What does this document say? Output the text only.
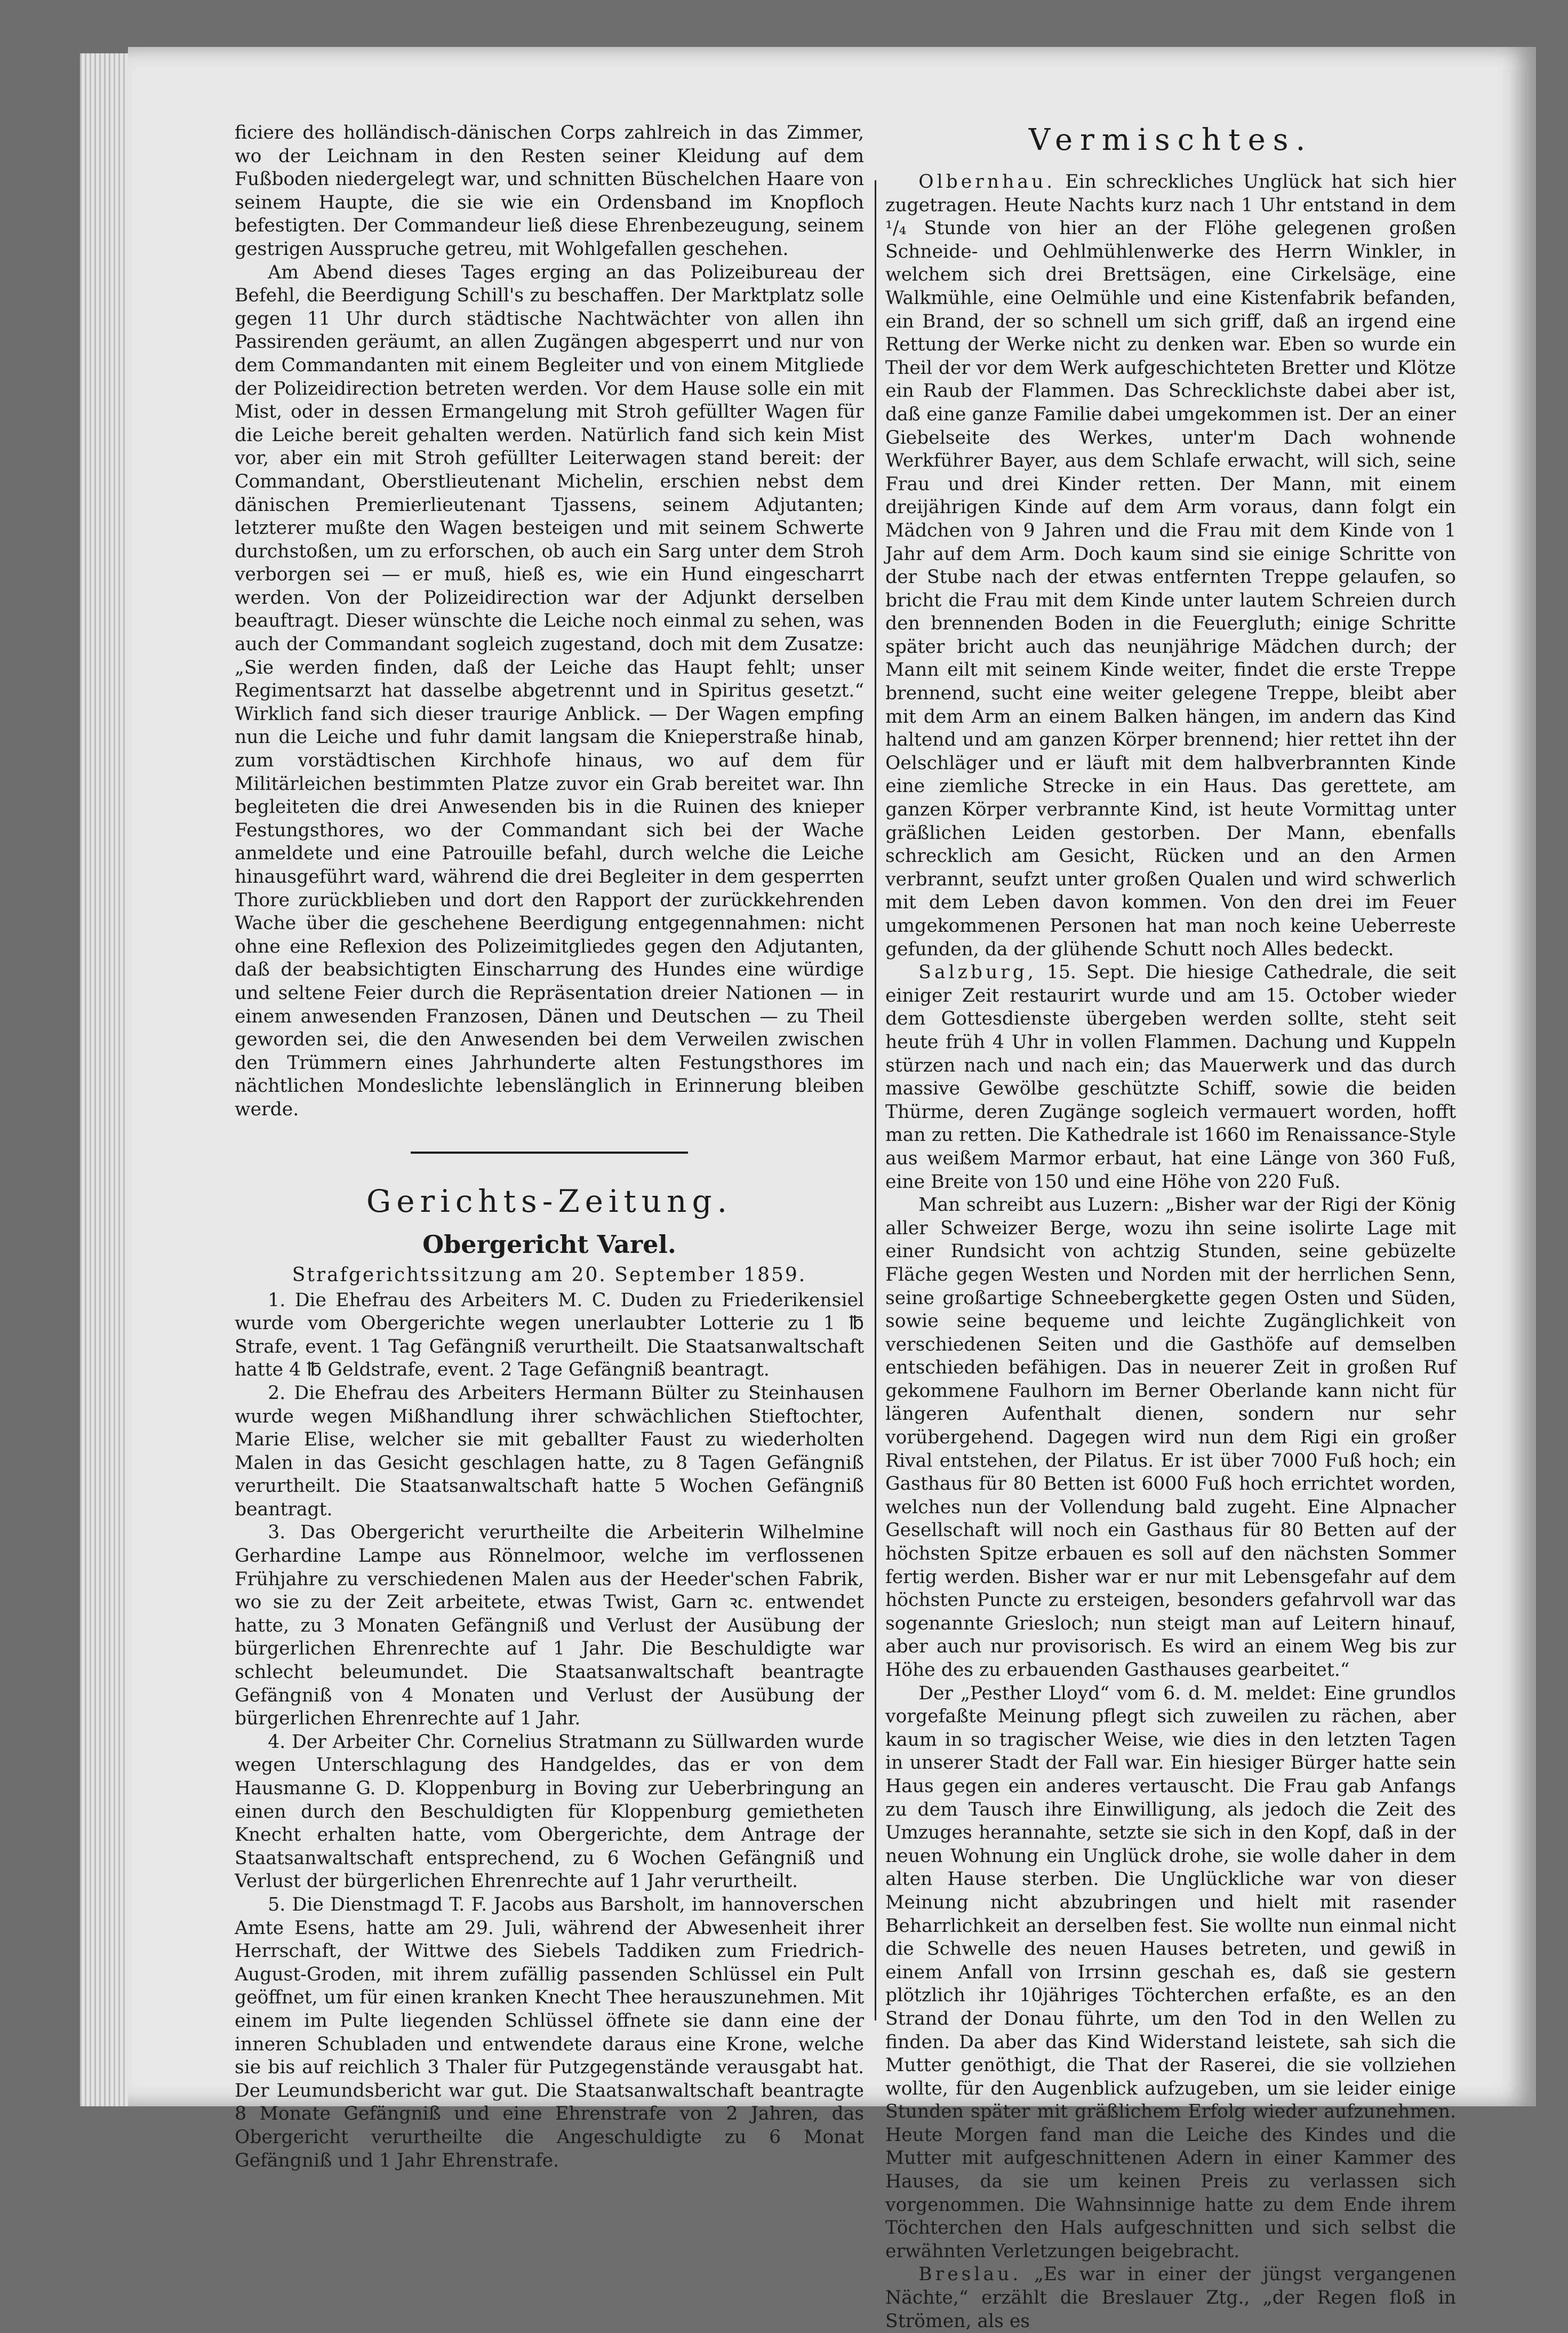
ficiere des holländisch-dänischen Corps zahlreich in das Zimmer, wo der Leichnam in den Resten seiner Kleidung auf dem Fußboden niedergelegt war, und schnitten Büschelchen Haare von seinem Haupte, die sie wie ein Ordensband im Knopfloch befestigten. Der Commandeur ließ diese Ehrenbezeugung, seinem gestrigen Ausspruche getreu, mit Wohlgefallen geschehen.

Am Abend dieses Tages erging an das Polizeibureau der Befehl, die Beerdigung Schill's zu beschaffen. Der Marktplatz solle gegen 11 Uhr durch städtische Nachtwächter von allen ihn Passirenden geräumt, an allen Zugängen abgesperrt und nur von dem Commandanten mit einem Begleiter und von einem Mitgliede der Polizeidirection betreten werden. Vor dem Hause solle ein mit Mist, oder in dessen Ermangelung mit Stroh gefüllter Wagen für die Leiche bereit gehalten werden. Natürlich fand sich kein Mist vor, aber ein mit Stroh gefüllter Leiterwagen stand bereit: der Commandant, Oberstlieutenant Michelin, erschien nebst dem dänischen Premierlieutenant Tjassens, seinem Adjutanten; letzterer mußte den Wagen besteigen und mit seinem Schwerte durchstoßen, um zu erforschen, ob auch ein Sarg unter dem Stroh verborgen sei — er muß, hieß es, wie ein Hund eingescharrt werden. Von der Polizeidirection war der Adjunkt derselben beauftragt. Dieser wünschte die Leiche noch einmal zu sehen, was auch der Commandant sogleich zugestand, doch mit dem Zusatze: „Sie werden finden, daß der Leiche das Haupt fehlt; unser Regimentsarzt hat dasselbe abgetrennt und in Spiritus gesetzt.“ Wirklich fand sich dieser traurige Anblick. — Der Wagen empfing nun die Leiche und fuhr damit langsam die Knieperstraße hinab, zum vorstädtischen Kirchhofe hinaus, wo auf dem für Militärleichen bestimmten Platze zuvor ein Grab bereitet war. Ihn begleiteten die drei Anwesenden bis in die Ruinen des knieper Festungsthores, wo der Commandant sich bei der Wache anmeldete und eine Patrouille befahl, durch welche die Leiche hinausgeführt ward, während die drei Begleiter in dem gesperrten Thore zurückblieben und dort den Rapport der zurückkehrenden Wache über die geschehene Beerdigung entgegennahmen: nicht ohne eine Reflexion des Polizeimitgliedes gegen den Adjutanten, daß der beabsichtigten Einscharrung des Hundes eine würdige und seltene Feier durch die Repräsentation dreier Nationen — in einem anwesenden Franzosen, Dänen und Deutschen — zu Theil geworden sei, die den Anwesenden bei dem Verweilen zwischen den Trümmern eines Jahrhunderte alten Festungsthores im nächtlichen Mondeslichte lebenslänglich in Erinnerung bleiben werde.

Gerichts-Zeitung.
Obergericht Varel.
Strafgerichtssitzung am 20. September 1859.

1. Die Ehefrau des Arbeiters M. C. Duden zu Friederikensiel wurde vom Obergerichte wegen unerlaubter Lotterie zu 1 ℔ Strafe, event. 1 Tag Gefängniß verurtheilt. Die Staatsanwaltschaft hatte 4 ℔ Geldstrafe, event. 2 Tage Gefängniß beantragt.

2. Die Ehefrau des Arbeiters Hermann Bülter zu Steinhausen wurde wegen Mißhandlung ihrer schwächlichen Stieftochter, Marie Elise, welcher sie mit geballter Faust zu wiederholten Malen in das Gesicht geschlagen hatte, zu 8 Tagen Gefängniß verurtheilt. Die Staatsanwaltschaft hatte 5 Wochen Gefängniß beantragt.

3. Das Obergericht verurtheilte die Arbeiterin Wilhelmine Gerhardine Lampe aus Rönnelmoor, welche im verflossenen Frühjahre zu verschiedenen Malen aus der Heeder'schen Fabrik, wo sie zu der Zeit arbeitete, etwas Twist, Garn ꝛc. entwendet hatte, zu 3 Monaten Gefängniß und Verlust der Ausübung der bürgerlichen Ehrenrechte auf 1 Jahr. Die Beschuldigte war schlecht beleumundet. Die Staatsanwaltschaft beantragte Gefängniß von 4 Monaten und Verlust der Ausübung der bürgerlichen Ehrenrechte auf 1 Jahr.

4. Der Arbeiter Chr. Cornelius Stratmann zu Süllwarden wurde wegen Unterschlagung des Handgeldes, das er von dem Hausmanne G. D. Kloppenburg in Boving zur Ueberbringung an einen durch den Beschuldigten für Kloppenburg gemietheten Knecht erhalten hatte, vom Obergerichte, dem Antrage der Staatsanwaltschaft entsprechend, zu 6 Wochen Gefängniß und Verlust der bürgerlichen Ehrenrechte auf 1 Jahr verurtheilt.

5. Die Dienstmagd T. F. Jacobs aus Barsholt, im hannoverschen Amte Esens, hatte am 29. Juli, während der Abwesenheit ihrer Herrschaft, der Wittwe des Siebels Taddiken zum Friedrich-August-Groden, mit ihrem zufällig passenden Schlüssel ein Pult geöffnet, um für einen kranken Knecht Thee herauszunehmen. Mit einem im Pulte liegenden Schlüssel öffnete sie dann eine der inneren Schubladen und entwendete daraus eine Krone, welche sie bis auf reichlich 3 Thaler für Putzgegenstände verausgabt hat. Der Leumundsbericht war gut. Die Staatsanwaltschaft beantragte 8 Monate Gefängniß und eine Ehrenstrafe von 2 Jahren, das Obergericht verurtheilte die Angeschuldigte zu 6 Monat Gefängniß und 1 Jahr Ehrenstrafe.

Vermischtes.

Olbernhau. Ein schreckliches Unglück hat sich hier zugetragen. Heute Nachts kurz nach 1 Uhr entstand in dem ¹/₄ Stunde von hier an der Flöhe gelegenen großen Schneide- und Oehlmühlenwerke des Herrn Winkler, in welchem sich drei Brettsägen, eine Cirkelsäge, eine Walkmühle, eine Oelmühle und eine Kistenfabrik befanden, ein Brand, der so schnell um sich griff, daß an irgend eine Rettung der Werke nicht zu denken war. Eben so wurde ein Theil der vor dem Werk aufgeschichteten Bretter und Klötze ein Raub der Flammen. Das Schrecklichste dabei aber ist, daß eine ganze Familie dabei umgekommen ist. Der an einer Giebelseite des Werkes, unter'm Dach wohnende Werkführer Bayer, aus dem Schlafe erwacht, will sich, seine Frau und drei Kinder retten. Der Mann, mit einem dreijährigen Kinde auf dem Arm voraus, dann folgt ein Mädchen von 9 Jahren und die Frau mit dem Kinde von 1 Jahr auf dem Arm. Doch kaum sind sie einige Schritte von der Stube nach der etwas entfernten Treppe gelaufen, so bricht die Frau mit dem Kinde unter lautem Schreien durch den brennenden Boden in die Feuergluth; einige Schritte später bricht auch das neunjährige Mädchen durch; der Mann eilt mit seinem Kinde weiter, findet die erste Treppe brennend, sucht eine weiter gelegene Treppe, bleibt aber mit dem Arm an einem Balken hängen, im andern das Kind haltend und am ganzen Körper brennend; hier rettet ihn der Oelschläger und er läuft mit dem halbverbrannten Kinde eine ziemliche Strecke in ein Haus. Das gerettete, am ganzen Körper verbrannte Kind, ist heute Vormittag unter gräßlichen Leiden gestorben. Der Mann, ebenfalls schrecklich am Gesicht, Rücken und an den Armen verbrannt, seufzt unter großen Qualen und wird schwerlich mit dem Leben davon kommen. Von den drei im Feuer umgekommenen Personen hat man noch keine Ueberreste gefunden, da der glühende Schutt noch Alles bedeckt.

Salzburg, 15. Sept. Die hiesige Cathedrale, die seit einiger Zeit restaurirt wurde und am 15. October wieder dem Gottesdienste übergeben werden sollte, steht seit heute früh 4 Uhr in vollen Flammen. Dachung und Kuppeln stürzen nach und nach ein; das Mauerwerk und das durch massive Gewölbe geschützte Schiff, sowie die beiden Thürme, deren Zugänge sogleich vermauert worden, hofft man zu retten. Die Kathedrale ist 1660 im Renaissance-Style aus weißem Marmor erbaut, hat eine Länge von 360 Fuß, eine Breite von 150 und eine Höhe von 220 Fuß.

Man schreibt aus Luzern: „Bisher war der Rigi der König aller Schweizer Berge, wozu ihn seine isolirte Lage mit einer Rundsicht von achtzig Stunden, seine gebüzelte Fläche gegen Westen und Norden mit der herrlichen Senn, seine großartige Schneebergkette gegen Osten und Süden, sowie seine bequeme und leichte Zugänglichkeit von verschiedenen Seiten und die Gasthöfe auf demselben entschieden befähigen. Das in neuerer Zeit in großen Ruf gekommene Faulhorn im Berner Oberlande kann nicht für längeren Aufenthalt dienen, sondern nur sehr vorübergehend. Dagegen wird nun dem Rigi ein großer Rival entstehen, der Pilatus. Er ist über 7000 Fuß hoch; ein Gasthaus für 80 Betten ist 6000 Fuß hoch errichtet worden, welches nun der Vollendung bald zugeht. Eine Alpnacher Gesellschaft will noch ein Gasthaus für 80 Betten auf der höchsten Spitze erbauen es soll auf den nächsten Sommer fertig werden. Bisher war er nur mit Lebensgefahr auf dem höchsten Puncte zu ersteigen, besonders gefahrvoll war das sogenannte Griesloch; nun steigt man auf Leitern hinauf, aber auch nur provisorisch. Es wird an einem Weg bis zur Höhe des zu erbauenden Gasthauses gearbeitet.“

Der „Pesther Lloyd“ vom 6. d. M. meldet: Eine grundlos vorgefaßte Meinung pflegt sich zuweilen zu rächen, aber kaum in so tragischer Weise, wie dies in den letzten Tagen in unserer Stadt der Fall war. Ein hiesiger Bürger hatte sein Haus gegen ein anderes vertauscht. Die Frau gab Anfangs zu dem Tausch ihre Einwilligung, als jedoch die Zeit des Umzuges herannahte, setzte sie sich in den Kopf, daß in der neuen Wohnung ein Unglück drohe, sie wolle daher in dem alten Hause sterben. Die Unglückliche war von dieser Meinung nicht abzubringen und hielt mit rasender Beharrlichkeit an derselben fest. Sie wollte nun einmal nicht die Schwelle des neuen Hauses betreten, und gewiß in einem Anfall von Irrsinn geschah es, daß sie gestern plötzlich ihr 10jähriges Töchterchen erfaßte, es an den Strand der Donau führte, um den Tod in den Wellen zu finden. Da aber das Kind Widerstand leistete, sah sich die Mutter genöthigt, die That der Raserei, die sie vollziehen wollte, für den Augenblick aufzugeben, um sie leider einige Stunden später mit gräßlichem Erfolg wieder aufzunehmen. Heute Morgen fand man die Leiche des Kindes und die Mutter mit aufgeschnittenen Adern in einer Kammer des Hauses, da sie um keinen Preis zu verlassen sich vorgenommen. Die Wahnsinnige hatte zu dem Ende ihrem Töchterchen den Hals aufgeschnitten und sich selbst die erwähnten Verletzungen beigebracht.

Breslau. „Es war in einer der jüngst vergangenen Nächte,“ erzählt die Breslauer Ztg., „der Regen floß in Strömen, als es
